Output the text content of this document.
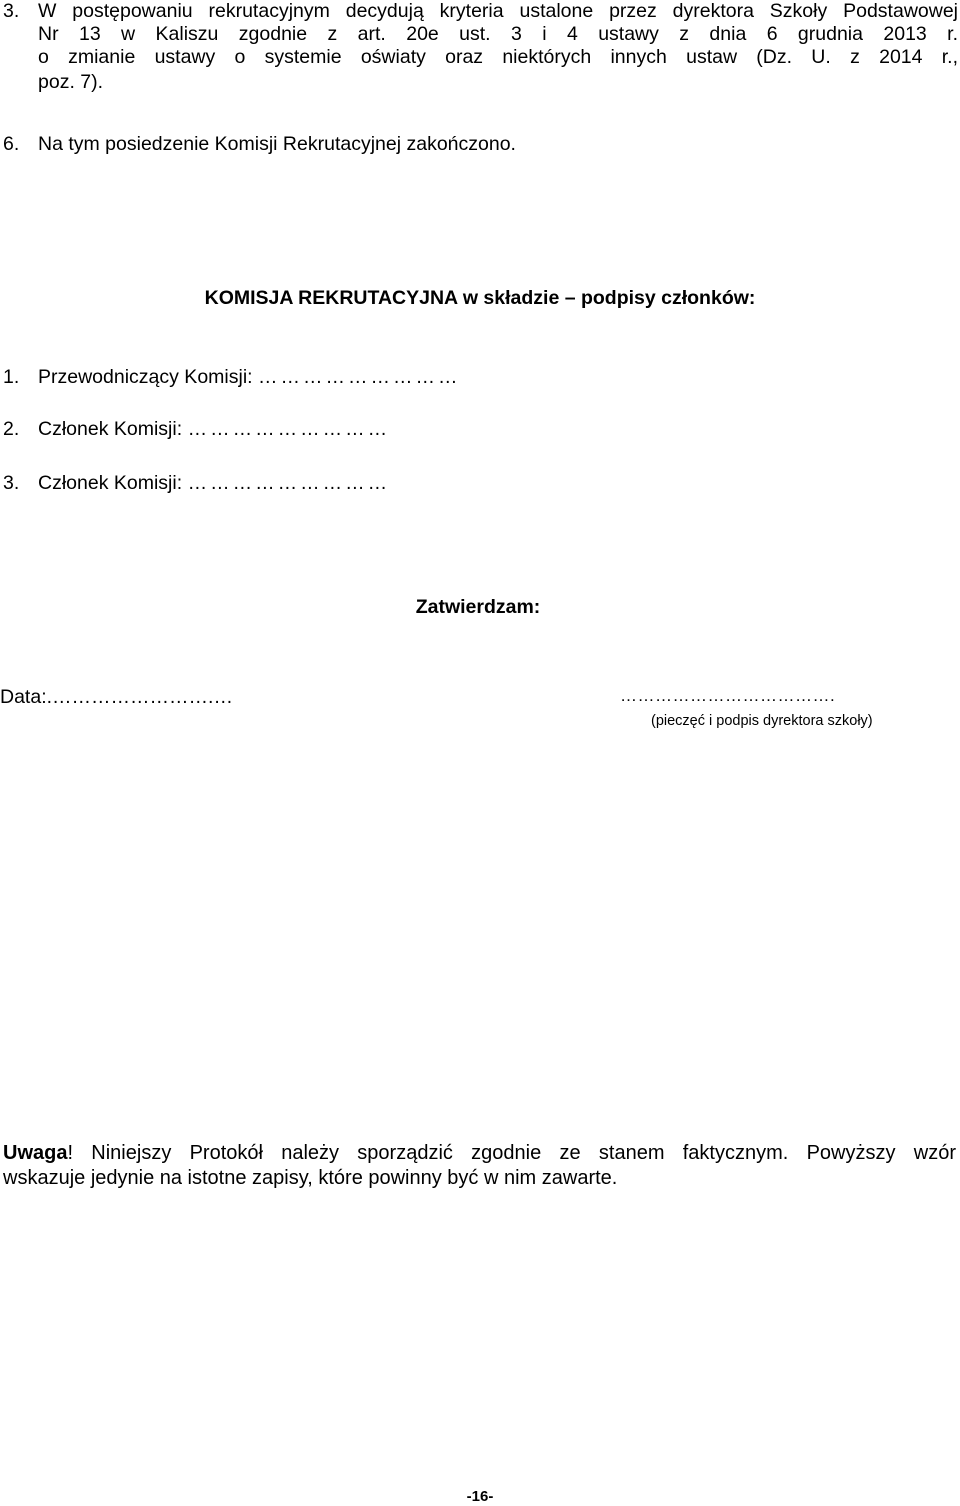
3. W postępowaniu rekrutacyjnym decydują kryteria ustalone przez dyrektora Szkoły Podstawowej
Nr 13 w Kaliszu zgodnie z art. 20e ust. 3 i 4 ustawy z dnia 6 grudnia 2013 r.
o zmianie ustawy o systemie oświaty oraz niektórych innych ustaw (Dz. U. z 2014 r.,
poz. 7).
6. Na tym posiedzenie Komisji Rekrutacyjnej zakończono.
KOMISJA REKRUTACYJNA w składzie – podpisy członków:
1. Przewodniczący Komisji: ………………………
2. Członek Komisji: ………………………
3. Członek Komisji: ………………………
Zatwierdzam:
Data:.…………………….…	……………………………….
(pieczęć i podpis dyrektora szkoły)
Uwaga! Niniejszy Protokół należy sporządzić zgodnie ze stanem faktycznym. Powyższy wzór
wskazuje jedynie na istotne zapisy, które powinny być w nim zawarte.
-16-
